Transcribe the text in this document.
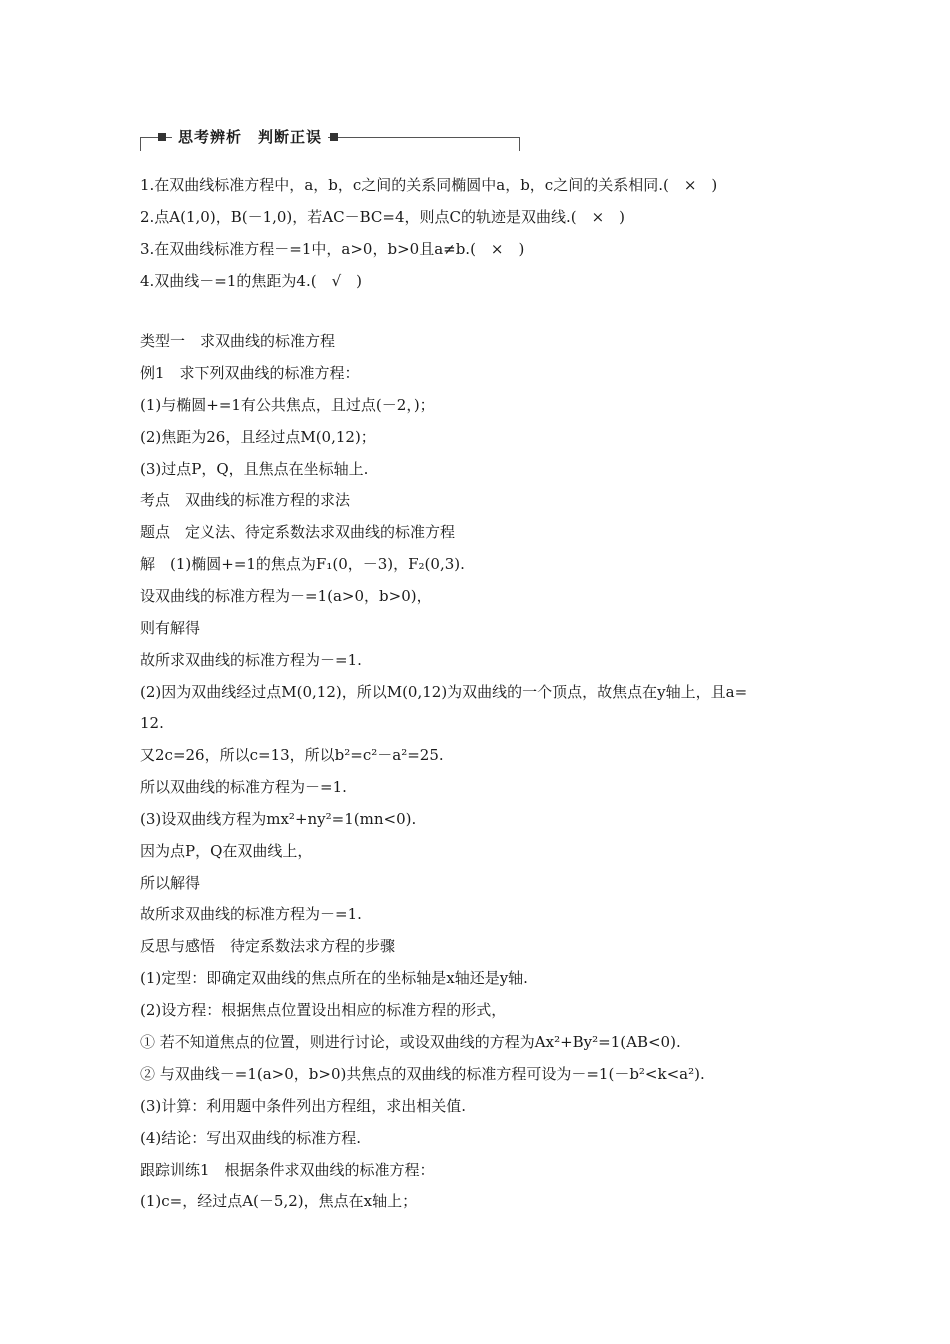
思考辨析　判断正误
1.在双曲线标准方程中，a，b，c之间的关系同椭圆中a，b，c之间的关系相同.(　×　)
2.点A(1,0)，B(－1,0)，若AC－BC=4，则点C的轨迹是双曲线.(　×　)
3.在双曲线标准方程－=1中，a>0，b>0且a≠b.(　×　)
4.双曲线－=1的焦距为4.(　√　)
类型一　求双曲线的标准方程
例1　求下列双曲线的标准方程：
(1)与椭圆+=1有公共焦点，且过点(－2，)；
(2)焦距为26，且经过点M(0,12)；
(3)过点P，Q，且焦点在坐标轴上.
考点　双曲线的标准方程的求法
题点　定义法、待定系数法求双曲线的标准方程
解　(1)椭圆+=1的焦点为F₁(0，－3)，F₂(0,3).
设双曲线的标准方程为－=1(a>0，b>0)，
则有解得
故所求双曲线的标准方程为－=1.
(2)因为双曲线经过点M(0,12)，所以M(0,12)为双曲线的一个顶点，故焦点在y轴上，且a=
12.
又2c=26，所以c=13，所以b²=c²－a²=25.
所以双曲线的标准方程为－=1.
(3)设双曲线方程为mx²+ny²=1(mn<0).
因为点P，Q在双曲线上，
所以解得
故所求双曲线的标准方程为－=1.
反思与感悟　待定系数法求方程的步骤
(1)定型：即确定双曲线的焦点所在的坐标轴是x轴还是y轴.
(2)设方程：根据焦点位置设出相应的标准方程的形式，
① 若不知道焦点的位置，则进行讨论，或设双曲线的方程为Ax²+By²=1(AB<0).
② 与双曲线－=1(a>0，b>0)共焦点的双曲线的标准方程可设为－=1(－b²<k<a²).
(3)计算：利用题中条件列出方程组，求出相关值.
(4)结论：写出双曲线的标准方程.
跟踪训练1　根据条件求双曲线的标准方程：
(1)c=，经过点A(－5,2)，焦点在x轴上；
